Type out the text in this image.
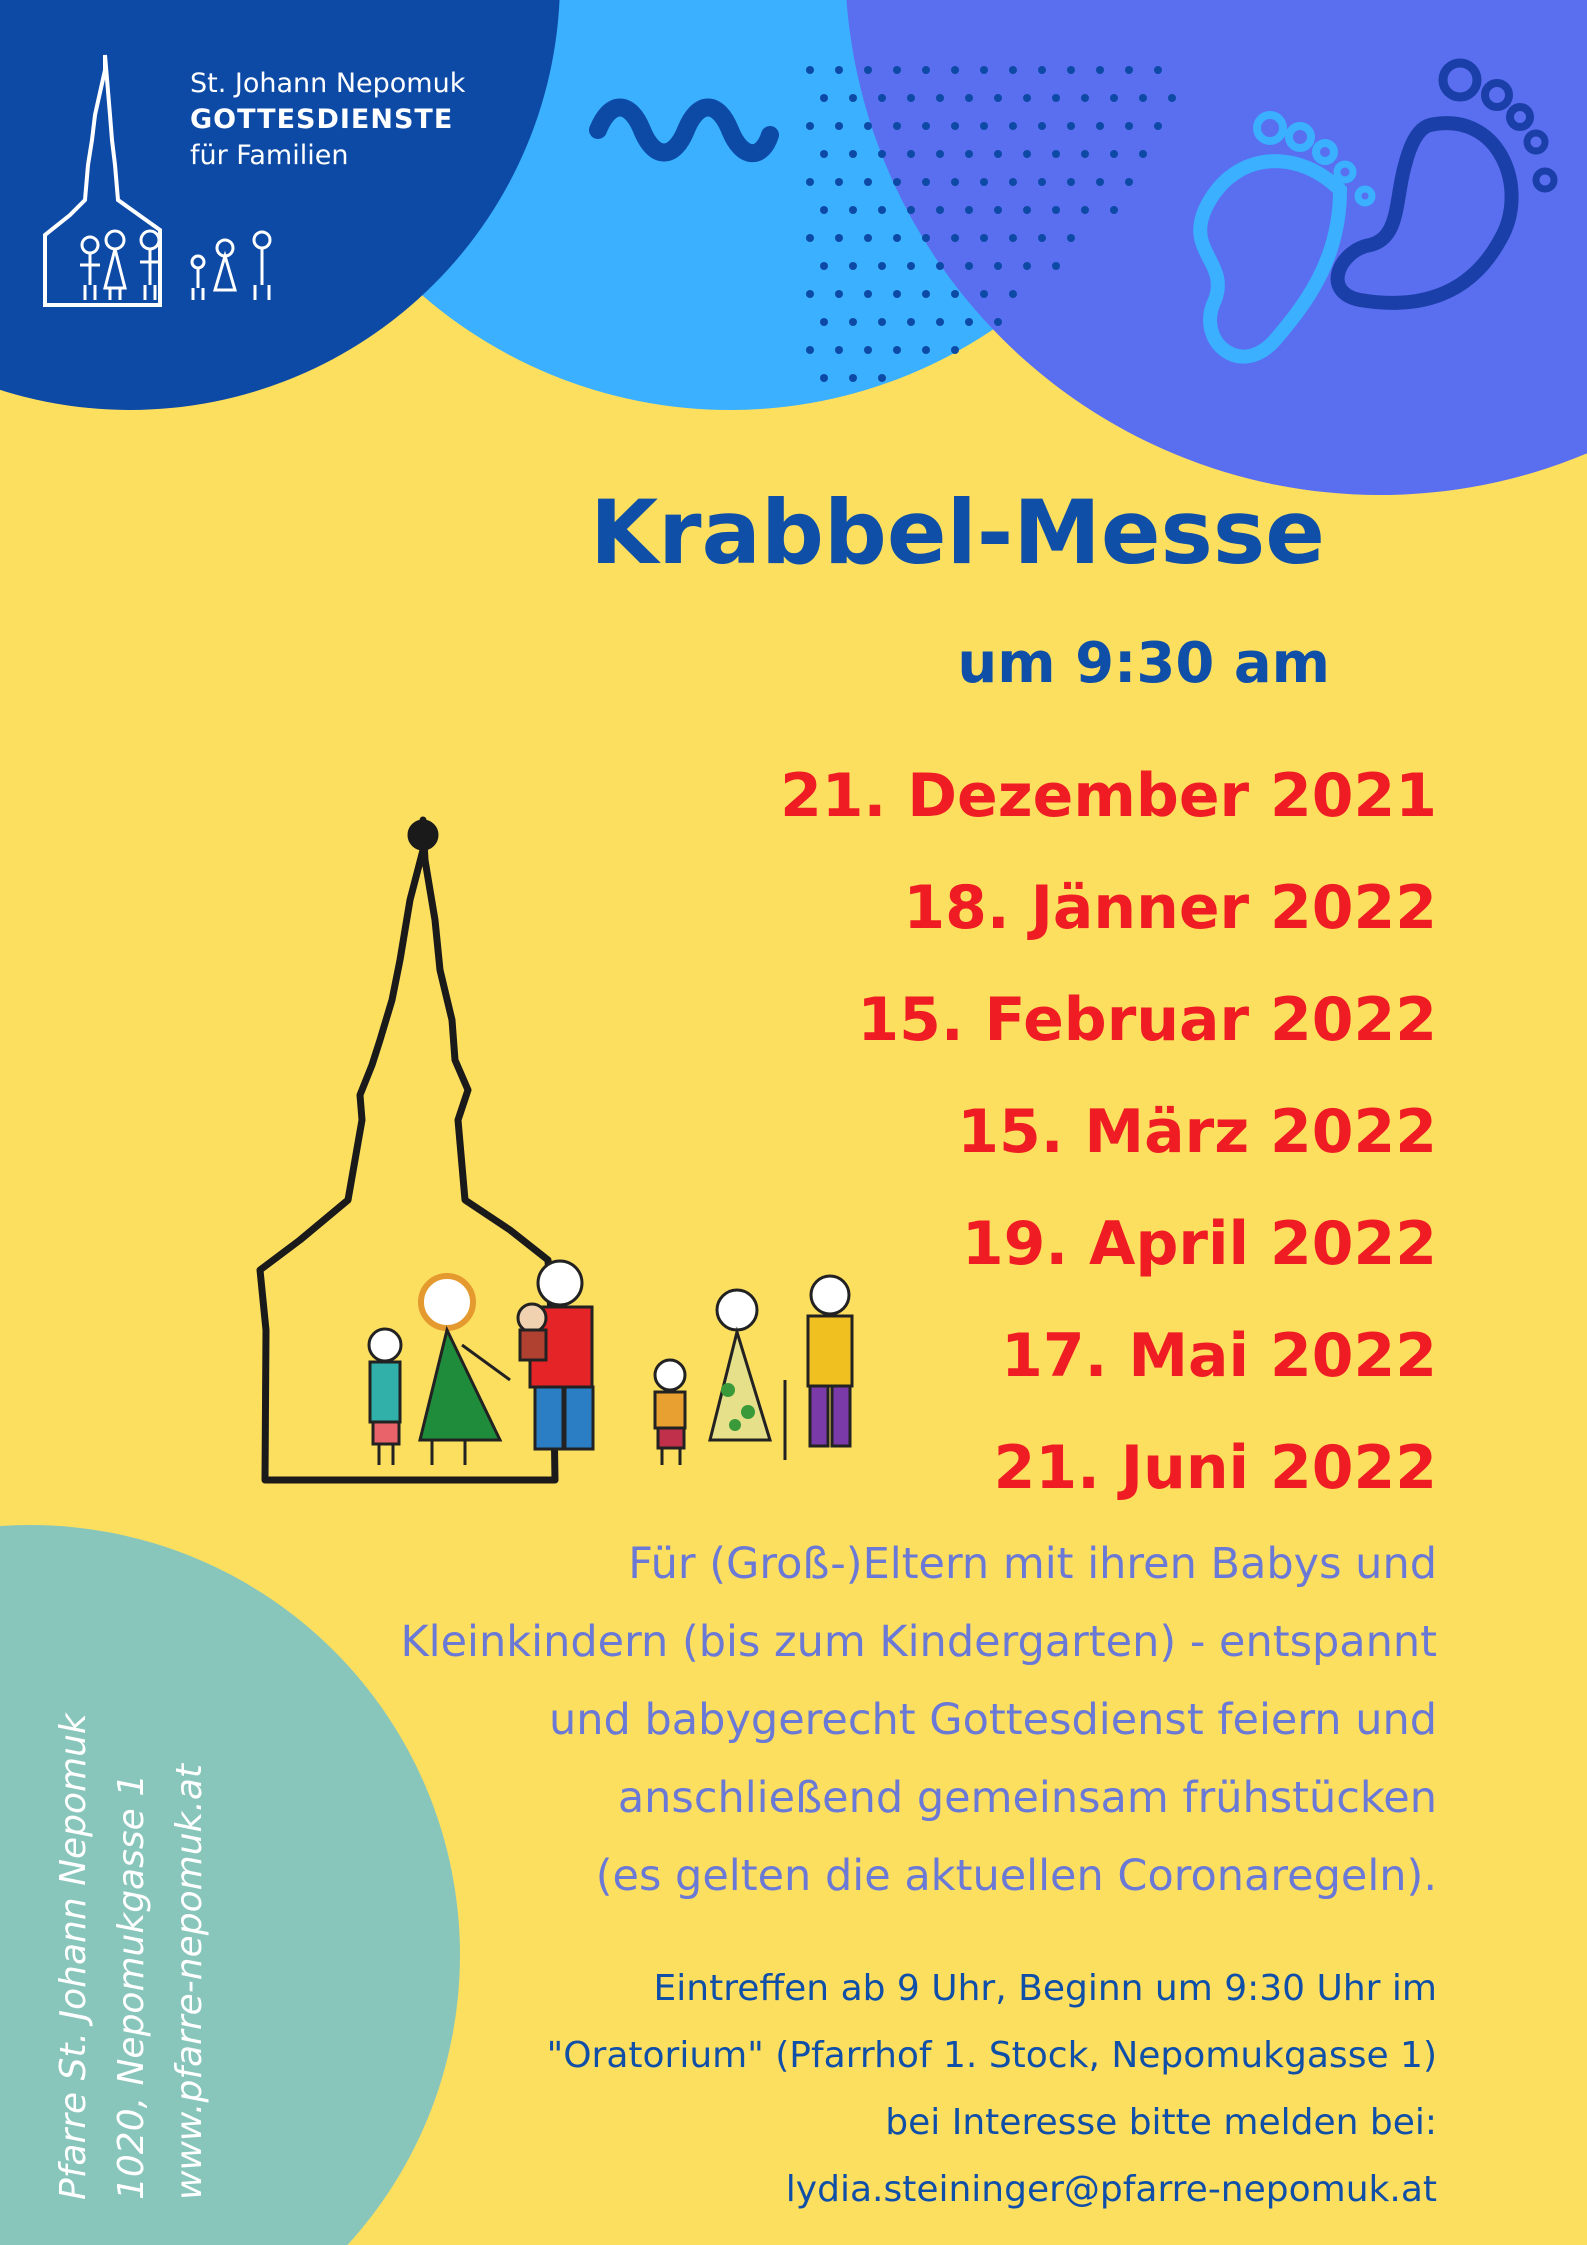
St. Johann Nepomuk
GOTTESDIENSTE
für Familien
Krabbel-Messe
um 9:30 am
21. Dezember 2021
18. Jänner 2022
15. Februar 2022
15. März 2022
19. April 2022
17. Mai 2022
21. Juni 2022
Für (Groß-)Eltern mit ihren Babys und
Kleinkindern (bis zum Kindergarten) - entspannt
und babygerecht Gottesdienst feiern und
anschließend gemeinsam frühstücken
(es gelten die aktuellen Coronaregeln).
Eintreffen ab 9 Uhr, Beginn um 9:30 Uhr im
"Oratorium" (Pfarrhof 1. Stock, Nepomukgasse 1)
bei Interesse bitte melden bei:
lydia.steininger@pfarre-nepomuk.at
Pfarre St. Johann Nepomuk 1020, Nepomukgasse 1 www.pfarre-nepomuk.at
